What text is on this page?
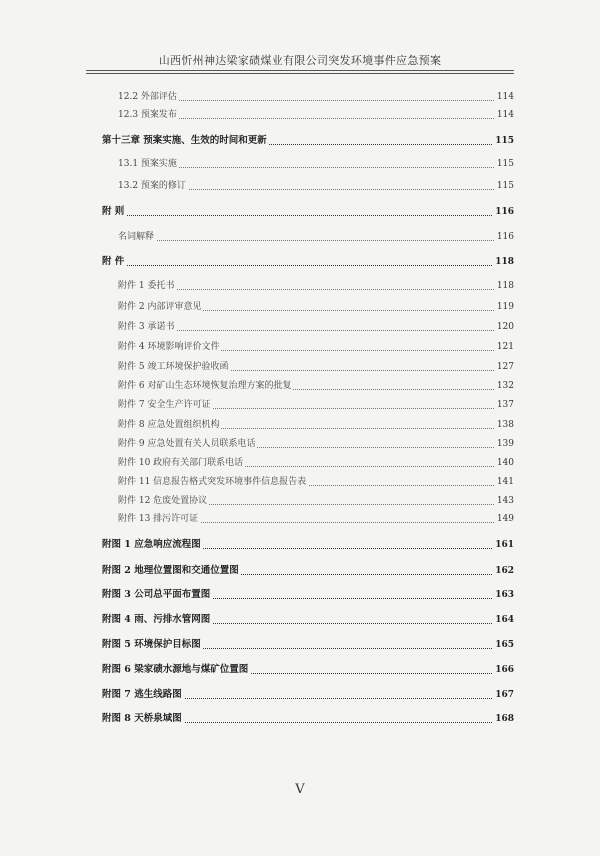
山西忻州神达梁家碛煤业有限公司突发环境事件应急预案
12.2 外部评估	114
12.3 预案发布	114
第十三章 预案实施、生效的时间和更新	115
13.1 预案实施	115
13.2 预案的修订	115
附 则	116
名词解释	116
附 件	118
附件 1 委托书	118
附件 2 内部评审意见	119
附件 3 承诺书	120
附件 4 环境影响评价文件	121
附件 5 竣工环境保护验收函	127
附件 6 对矿山生态环境恢复治理方案的批复	132
附件 7 安全生产许可证	137
附件 8 应急处置组织机构	138
附件 9 应急处置有关人员联系电话	139
附件 10 政府有关部门联系电话	140
附件 11 信息报告格式突发环境事件信息报告表	141
附件 12 危废处置协议	143
附件 13 排污许可证	149
附图 1 应急响应流程图	161
附图 2 地理位置图和交通位置图	162
附图 3 公司总平面布置图	163
附图 4 雨、污排水管网图	164
附图 5 环境保护目标图	165
附图 6 梁家碛水源地与煤矿位置图	166
附图 7 逃生线路图	167
附图 8 天桥泉域图	168
V
